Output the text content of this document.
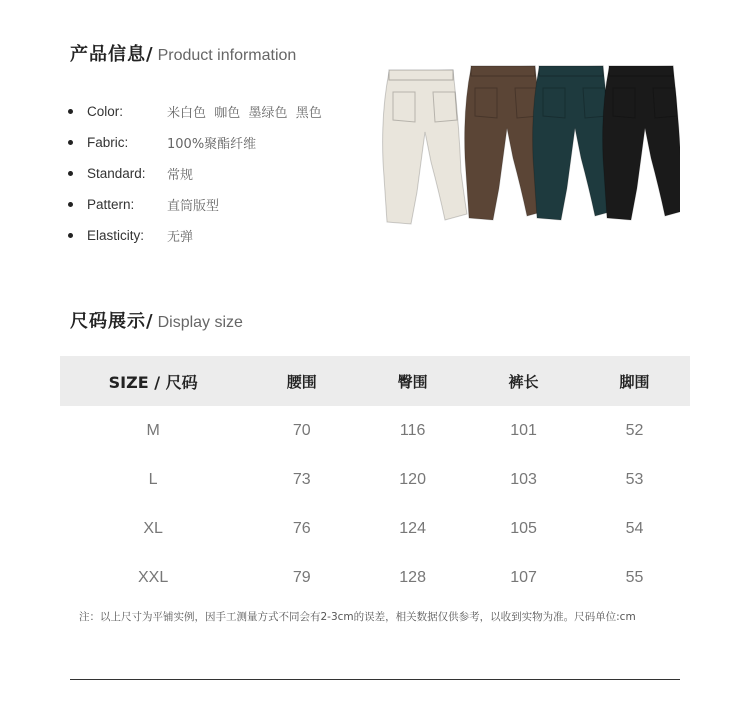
产品信息/ Product information
Color:	米白色  咖色  墨绿色  黑色
Fabric:	100%聚酯纤维
Standard:	常规
Pattern:	直筒版型
Elasticity:	无弹
尺码展示/ Display size
SIZE / 尺码	腰围	臀围	裤长	脚围
M	70	116	101	52
L	73	120	103	53
XL	76	124	105	54
XXL	79	128	107	55
注：以上尺寸为平铺实例，因手工测量方式不同会有2-3cm的误差，相关数据仅供参考，以收到实物为准。尺码单位:cm
